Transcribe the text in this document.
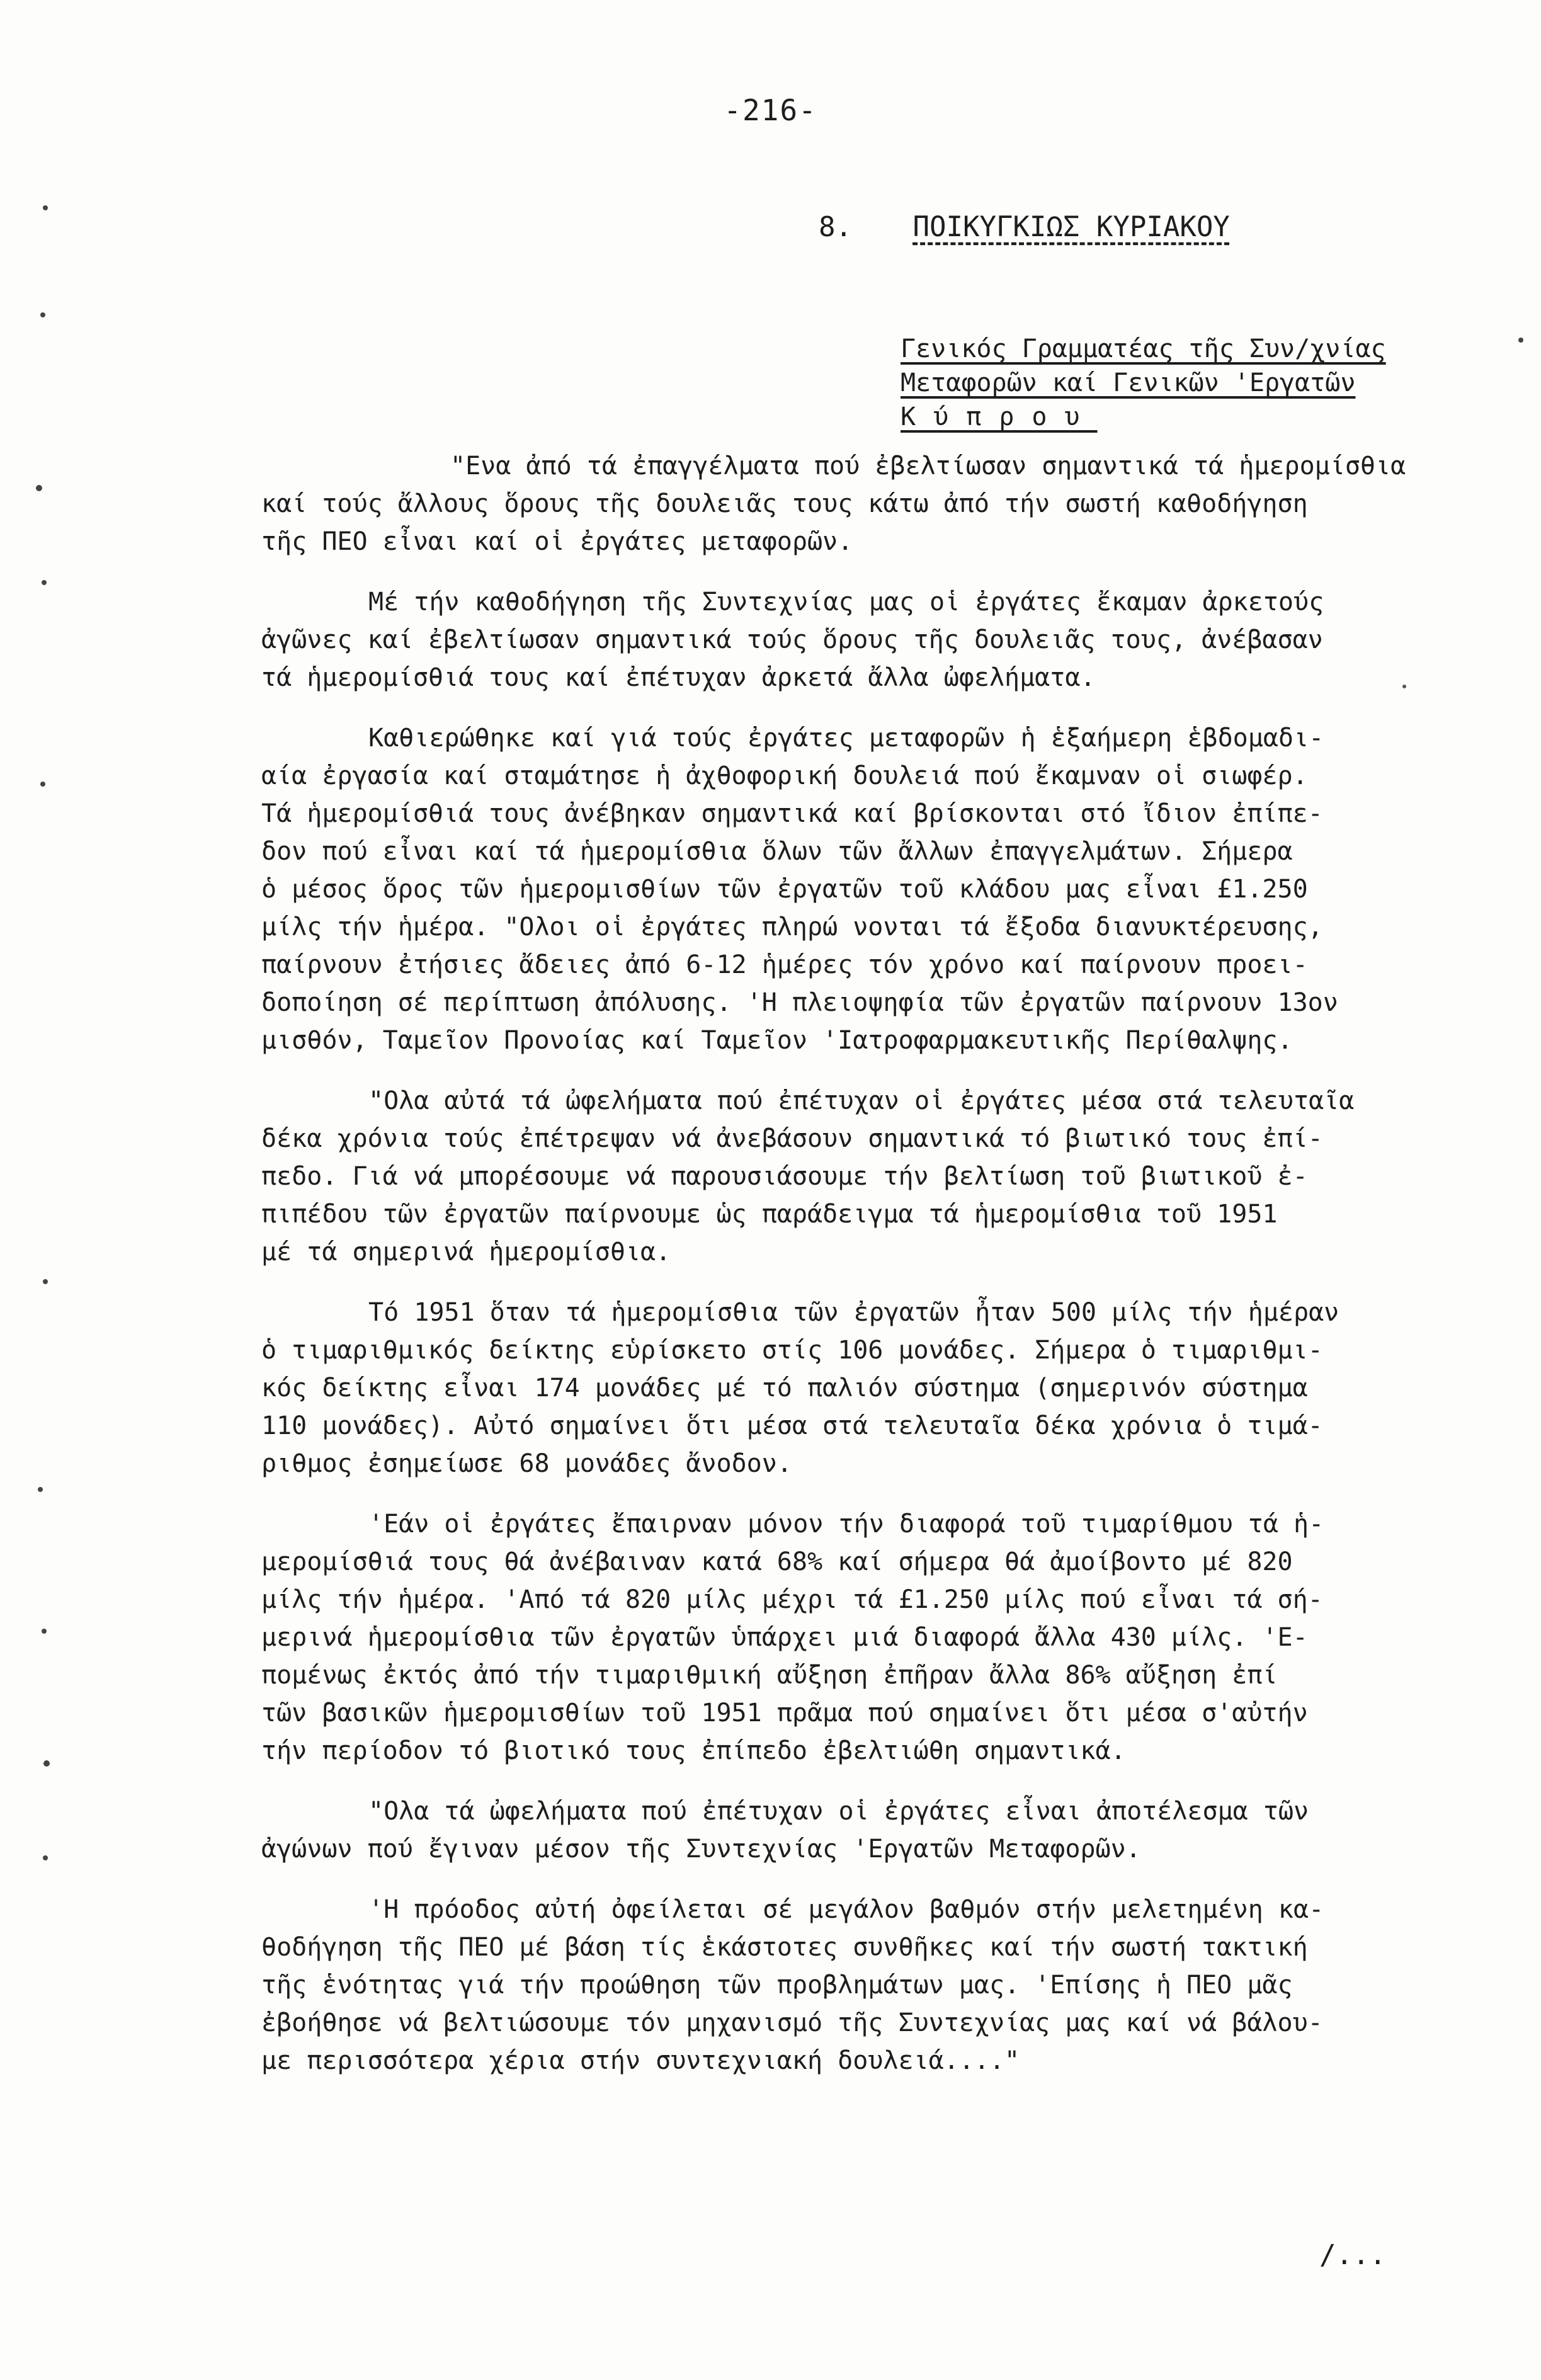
-216-
8. ΠΟΙΚΥΓΚΙΩΣ ΚΥΡΙΑΚΟΥ
Γενικός Γραμματέας τῆς Συν/χνίας
Μεταφορῶν καί Γενικῶν 'Εργατῶν
Κύπρου

"Ενα ἀπό τά ἐπαγγέλματα πού ἐβελτίωσαν σημαντικά τά ἡμερομίσθια
καί τούς ἄλλους ὅρους τῆς δουλειᾶς τους κάτω ἀπό τήν σωστή καθοδήγηση
τῆς ΠΕΟ εἶναι καί οἱ ἐργάτες μεταφορῶν.

Μέ τήν καθοδήγηση τῆς Συντεχνίας μας οἱ ἐργάτες ἔκαμαν ἀρκετούς
ἀγῶνες καί ἐβελτίωσαν σημαντικά τούς ὅρους τῆς δουλειᾶς τους, ἀνέβασαν
τά ἡμερομίσθιά τους καί ἐπέτυχαν ἀρκετά ἄλλα ὠφελήματα.

Καθιερώθηκε καί γιά τούς ἐργάτες μεταφορῶν ἡ ἑξαήμερη ἑβδομαδι-
αία ἐργασία καί σταμάτησε ἡ ἀχθοφορική δουλειά πού ἔκαμναν οἱ σιωφέρ.
Τά ἡμερομίσθιά τους ἀνέβηκαν σημαντικά καί βρίσκονται στό ἴδιον ἐπίπε-
δον πού εἶναι καί τά ἡμερομίσθια ὅλων τῶν ἄλλων ἐπαγγελμάτων. Σήμερα
ὁ μέσος ὅρος τῶν ἡμερομισθίων τῶν ἐργατῶν τοῦ κλάδου μας εἶναι £1.250
μίλς τήν ἡμέρα. "Ολοι οἱ ἐργάτες πληρώ νονται τά ἔξοδα διανυκτέρευσης,
παίρνουν ἐτήσιες ἄδειες ἀπό 6-12 ἡμέρες τόν χρόνο καί παίρνουν προει-
δοποίηση σέ περίπτωση ἀπόλυσης. 'Η πλειοψηφία τῶν ἐργατῶν παίρνουν 13ον
μισθόν, Ταμεῖον Προνοίας καί Ταμεῖον 'Ιατροφαρμακευτικῆς Περίθαλψης.

"Ολα αὐτά τά ὠφελήματα πού ἐπέτυχαν οἱ ἐργάτες μέσα στά τελευταῖα
δέκα χρόνια τούς ἐπέτρεψαν νά ἀνεβάσουν σημαντικά τό βιωτικό τους ἐπί-
πεδο. Γιά νά μπορέσουμε νά παρουσιάσουμε τήν βελτίωση τοῦ βιωτικοῦ ἐ-
πιπέδου τῶν ἐργατῶν παίρνουμε ὡς παράδειγμα τά ἡμερομίσθια τοῦ 1951
μέ τά σημερινά ἡμερομίσθια.

Τό 1951 ὅταν τά ἡμερομίσθια τῶν ἐργατῶν ἦταν 500 μίλς τήν ἡμέραν
ὁ τιμαριθμικός δείκτης εὑρίσκετο στίς 106 μονάδες. Σήμερα ὁ τιμαριθμι-
κός δείκτης εἶναι 174 μονάδες μέ τό παλιόν σύστημα (σημερινόν σύστημα
110 μονάδες). Αὐτό σημαίνει ὅτι μέσα στά τελευταῖα δέκα χρόνια ὁ τιμά-
ριθμος ἐσημείωσε 68 μονάδες ἄνοδον.

'Εάν οἱ ἐργάτες ἔπαιρναν μόνον τήν διαφορά τοῦ τιμαρίθμου τά ἡ-
μερομίσθιά τους θά ἀνέβαιναν κατά 68% καί σήμερα θά ἀμοίβοντο μέ 820
μίλς τήν ἡμέρα. 'Από τά 820 μίλς μέχρι τά £1.250 μίλς πού εἶναι τά σή-
μερινά ἡμερομίσθια τῶν ἐργατῶν ὑπάρχει μιά διαφορά ἄλλα 430 μίλς. 'Ε-
πομένως ἐκτός ἀπό τήν τιμαριθμική αὔξηση ἐπῆραν ἄλλα 86% αὔξηση ἐπί
τῶν βασικῶν ἡμερομισθίων τοῦ 1951 πρᾶμα πού σημαίνει ὅτι μέσα σ'αὐτήν
τήν περίοδον τό βιοτικό τους ἐπίπεδο ἐβελτιώθη σημαντικά.

"Ολα τά ὠφελήματα πού ἐπέτυχαν οἱ ἐργάτες εἶναι ἀποτέλεσμα τῶν
ἀγώνων πού ἔγιναν μέσον τῆς Συντεχνίας 'Εργατῶν Μεταφορῶν.

'Η πρόοδος αὐτή ὀφείλεται σέ μεγάλον βαθμόν στήν μελετημένη κα-
θοδήγηση τῆς ΠΕΟ μέ βάση τίς ἑκάστοτες συνθῆκες καί τήν σωστή τακτική
τῆς ἑνότητας γιά τήν προώθηση τῶν προβλημάτων μας. 'Επίσης ἡ ΠΕΟ μᾶς
ἐβοήθησε νά βελτιώσουμε τόν μηχανισμό τῆς Συντεχνίας μας καί νά βάλου-
με περισσότερα χέρια στήν συντεχνιακή δουλειά...."

/...
